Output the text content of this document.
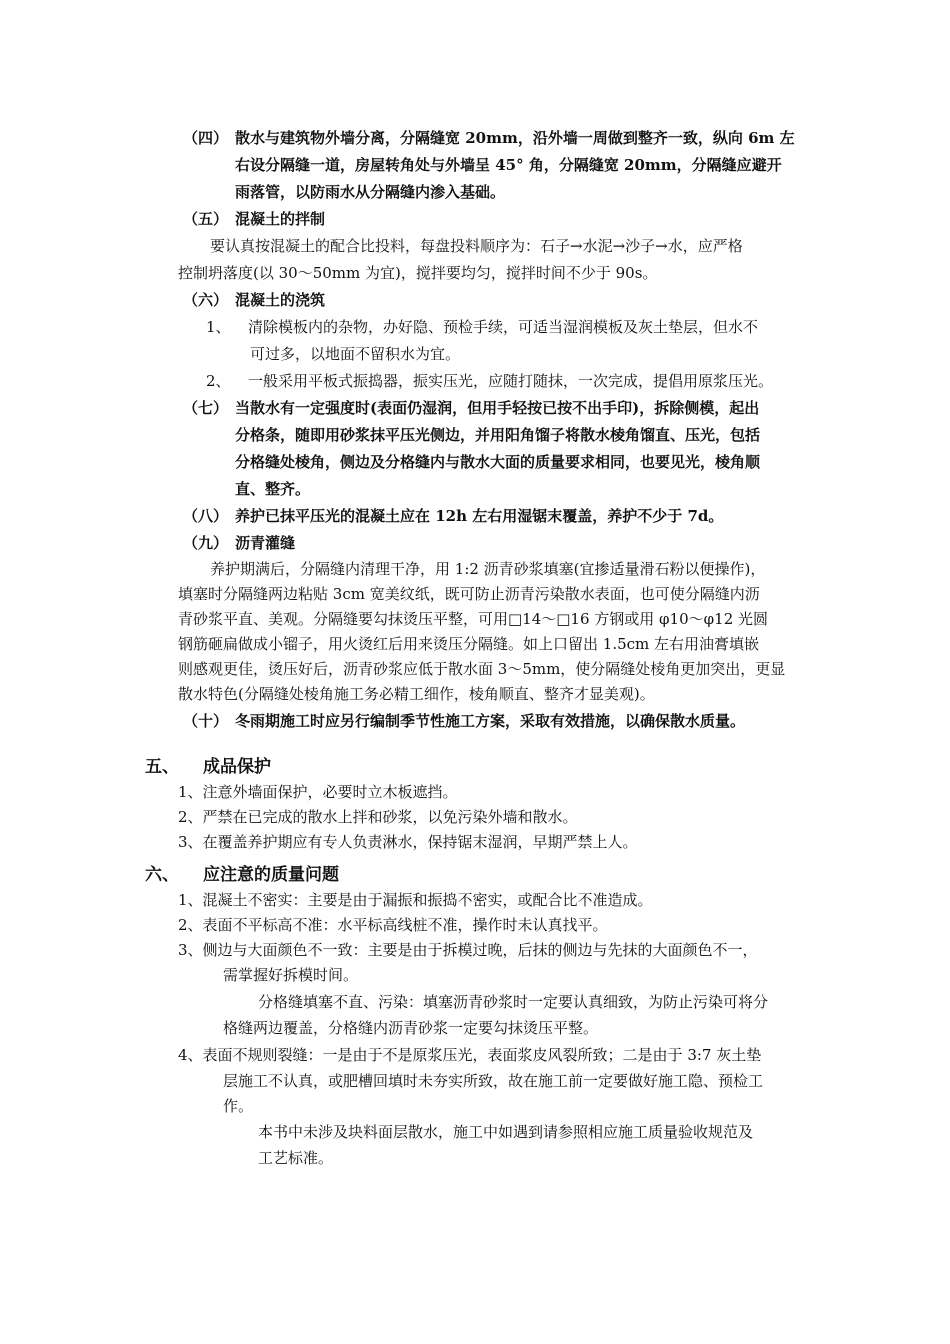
（四） 散水与建筑物外墙分离，分隔缝宽 20mm，沿外墙一周做到整齐一致，纵向 6m 左
右设分隔缝一道，房屋转角处与外墙呈 45° 角，分隔缝宽 20mm，分隔缝应避开
雨落管，以防雨水从分隔缝内渗入基础。
（五） 混凝土的拌制
要认真按混凝土的配合比投料，每盘投料顺序为：石子→水泥→沙子→水，应严格
控制坍落度(以 30～50mm 为宜)，搅拌要均匀，搅拌时间不少于 90s。
（六） 混凝土的浇筑
1、 清除模板内的杂物，办好隐、预检手续，可适当湿润模板及灰土垫层，但水不
可过多，以地面不留积水为宜。
2、 一般采用平板式振捣器，振实压光，应随打随抹，一次完成，提倡用原浆压光。
（七） 当散水有一定强度时(表面仍湿润，但用手轻按已按不出手印)，拆除侧模，起出
分格条，随即用砂浆抹平压光侧边，并用阳角馏子将散水棱角馏直、压光，包括
分格缝处棱角，侧边及分格缝内与散水大面的质量要求相同，也要见光，棱角顺
直、整齐。
（八） 养护已抹平压光的混凝土应在 12h 左右用湿锯末覆盖，养护不少于 7d。
（九） 沥青灌缝
养护期满后，分隔缝内清理干净，用 1:2 沥青砂浆填塞(宜掺适量滑石粉以便操作)，
填塞时分隔缝两边粘贴 3cm 宽美纹纸，既可防止沥青污染散水表面，也可使分隔缝内沥
青砂浆平直、美观。分隔缝要勾抹烫压平整，可用□14～□16 方钢或用 φ10～φ12 光圆
钢筋砸扁做成小镏子，用火烫红后用来烫压分隔缝。如上口留出 1.5cm 左右用油膏填嵌
则感观更佳，烫压好后，沥青砂浆应低于散水面 3～5mm，使分隔缝处棱角更加突出，更显
散水特色(分隔缝处棱角施工务必精工细作，棱角顺直、整齐才显美观)。
（十） 冬雨期施工时应另行编制季节性施工方案，采取有效措施，以确保散水质量。
五、 成品保护
1、注意外墙面保护，必要时立木板遮挡。
2、严禁在已完成的散水上拌和砂浆，以免污染外墙和散水。
3、在覆盖养护期应有专人负责淋水，保持锯末湿润，早期严禁上人。
六、 应注意的质量问题
1、混凝土不密实：主要是由于漏振和振捣不密实，或配合比不准造成。
2、表面不平标高不准：水平标高线桩不准，操作时未认真找平。
3、侧边与大面颜色不一致：主要是由于拆模过晚，后抹的侧边与先抹的大面颜色不一，
需掌握好拆模时间。
分格缝填塞不直、污染：填塞沥青砂浆时一定要认真细致，为防止污染可将分
格缝两边覆盖，分格缝内沥青砂浆一定要勾抹烫压平整。
4、表面不规则裂缝：一是由于不是原浆压光，表面浆皮风裂所致；二是由于 3:7 灰土垫
层施工不认真，或肥槽回填时未夯实所致，故在施工前一定要做好施工隐、预检工
作。
本书中未涉及块料面层散水，施工中如遇到请参照相应施工质量验收规范及
工艺标准。
